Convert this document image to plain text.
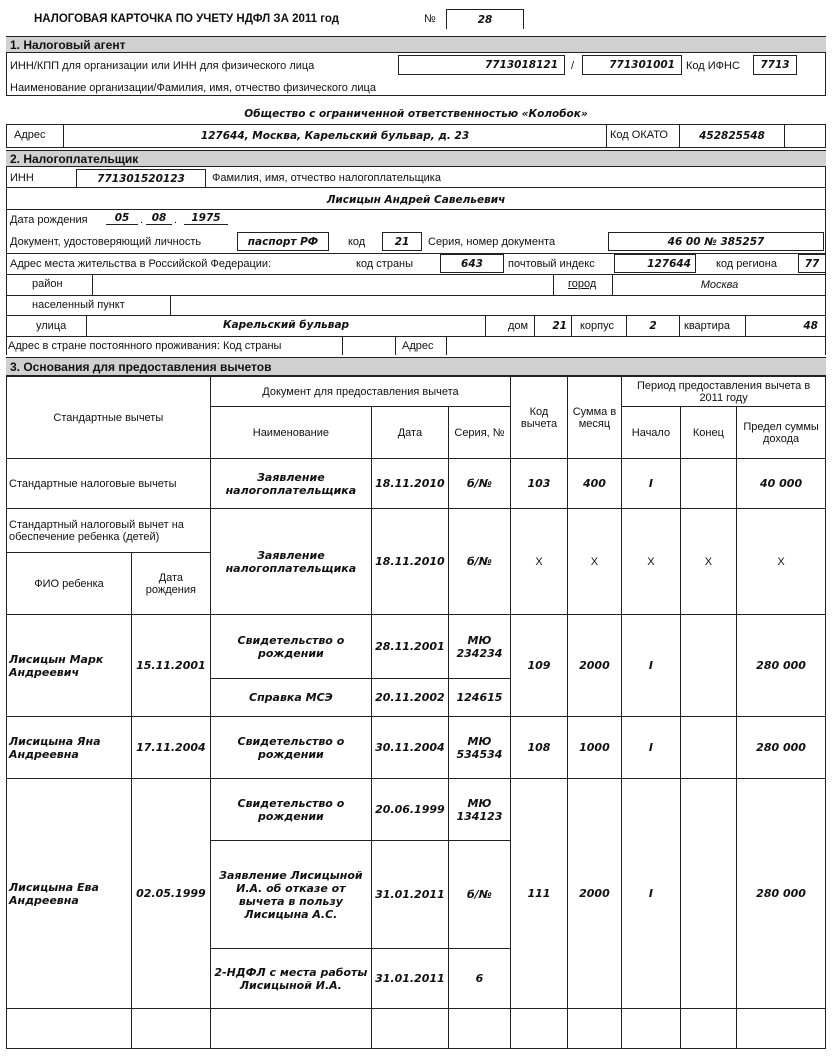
НАЛОГОВАЯ КАРТОЧКА ПО УЧЕТУ НДФЛ ЗА 2011 год	№	28
1. Налоговый агент
ИНН/КПП для организации или ИНН для физического лица	7713018121	/	771301001	Код ИФНС	7713
Наименование организации/Фамилия, имя, отчество физического лица
Общество с ограниченной ответственностью «Колобок»
Адрес	127644, Москва, Карельский бульвар, д. 23	Код ОКАТО	452825548
2. Налогоплательщик
ИНН	771301520123	Фамилия, имя, отчество налогоплательщика
Лисицын Андрей Савельевич
Дата рождения	05 . 08 .	1975
Документ, удостоверяющий личность	паспорт РФ	код	21	Серия, номер документа	46 00 № 385257
Адрес места жительства в Российской Федерации:	код страны	643	почтовый индекс	127644	код региона	77
район	город	Москва
населенный пункт
улица	Карельский бульвар	дом	21	корпус	2	квартира	48
Адрес в стране постоянного проживания: Код страны	Адрес
3. Основания для предоставления вычетов
Стандартные вычеты		Документ для предоставления вычета			Код вычета	Сумма в месяц	Период предоставления вычета в 2011 году		
		Наименование	Дата	Серия, №			Начало	Конец	Предел суммы дохода
Стандартные налоговые вычеты		Заявление налогоплательщика	18.11.2010	б/№	103	400	I		40 000
Стандартный налоговый вычет на обеспечение ребенка (детей)		Заявление налогоплательщика	18.11.2010	б/№	X	X	X	X	X
ФИО ребенка	Дата рождения								
Лисицын Марк Андреевич	15.11.2001	Свидетельство о рождении	28.11.2001	МЮ 234234	109	2000	I		280 000
		Справка МСЭ	20.11.2002	124615					
Лисицына Яна Андреевна	17.11.2004	Свидетельство о рождении	30.11.2004	МЮ 534534	108	1000	I		280 000
Лисицына Ева Андреевна	02.05.1999	Свидетельство о рождении	20.06.1999	МЮ 134123	111	2000	I		280 000
		Заявление Лисицыной И.А. об отказе от вычета в пользу Лисицына А.С.	31.01.2011	б/№					
		2-НДФЛ с места работы Лисицыной И.А.	31.01.2011	6					
